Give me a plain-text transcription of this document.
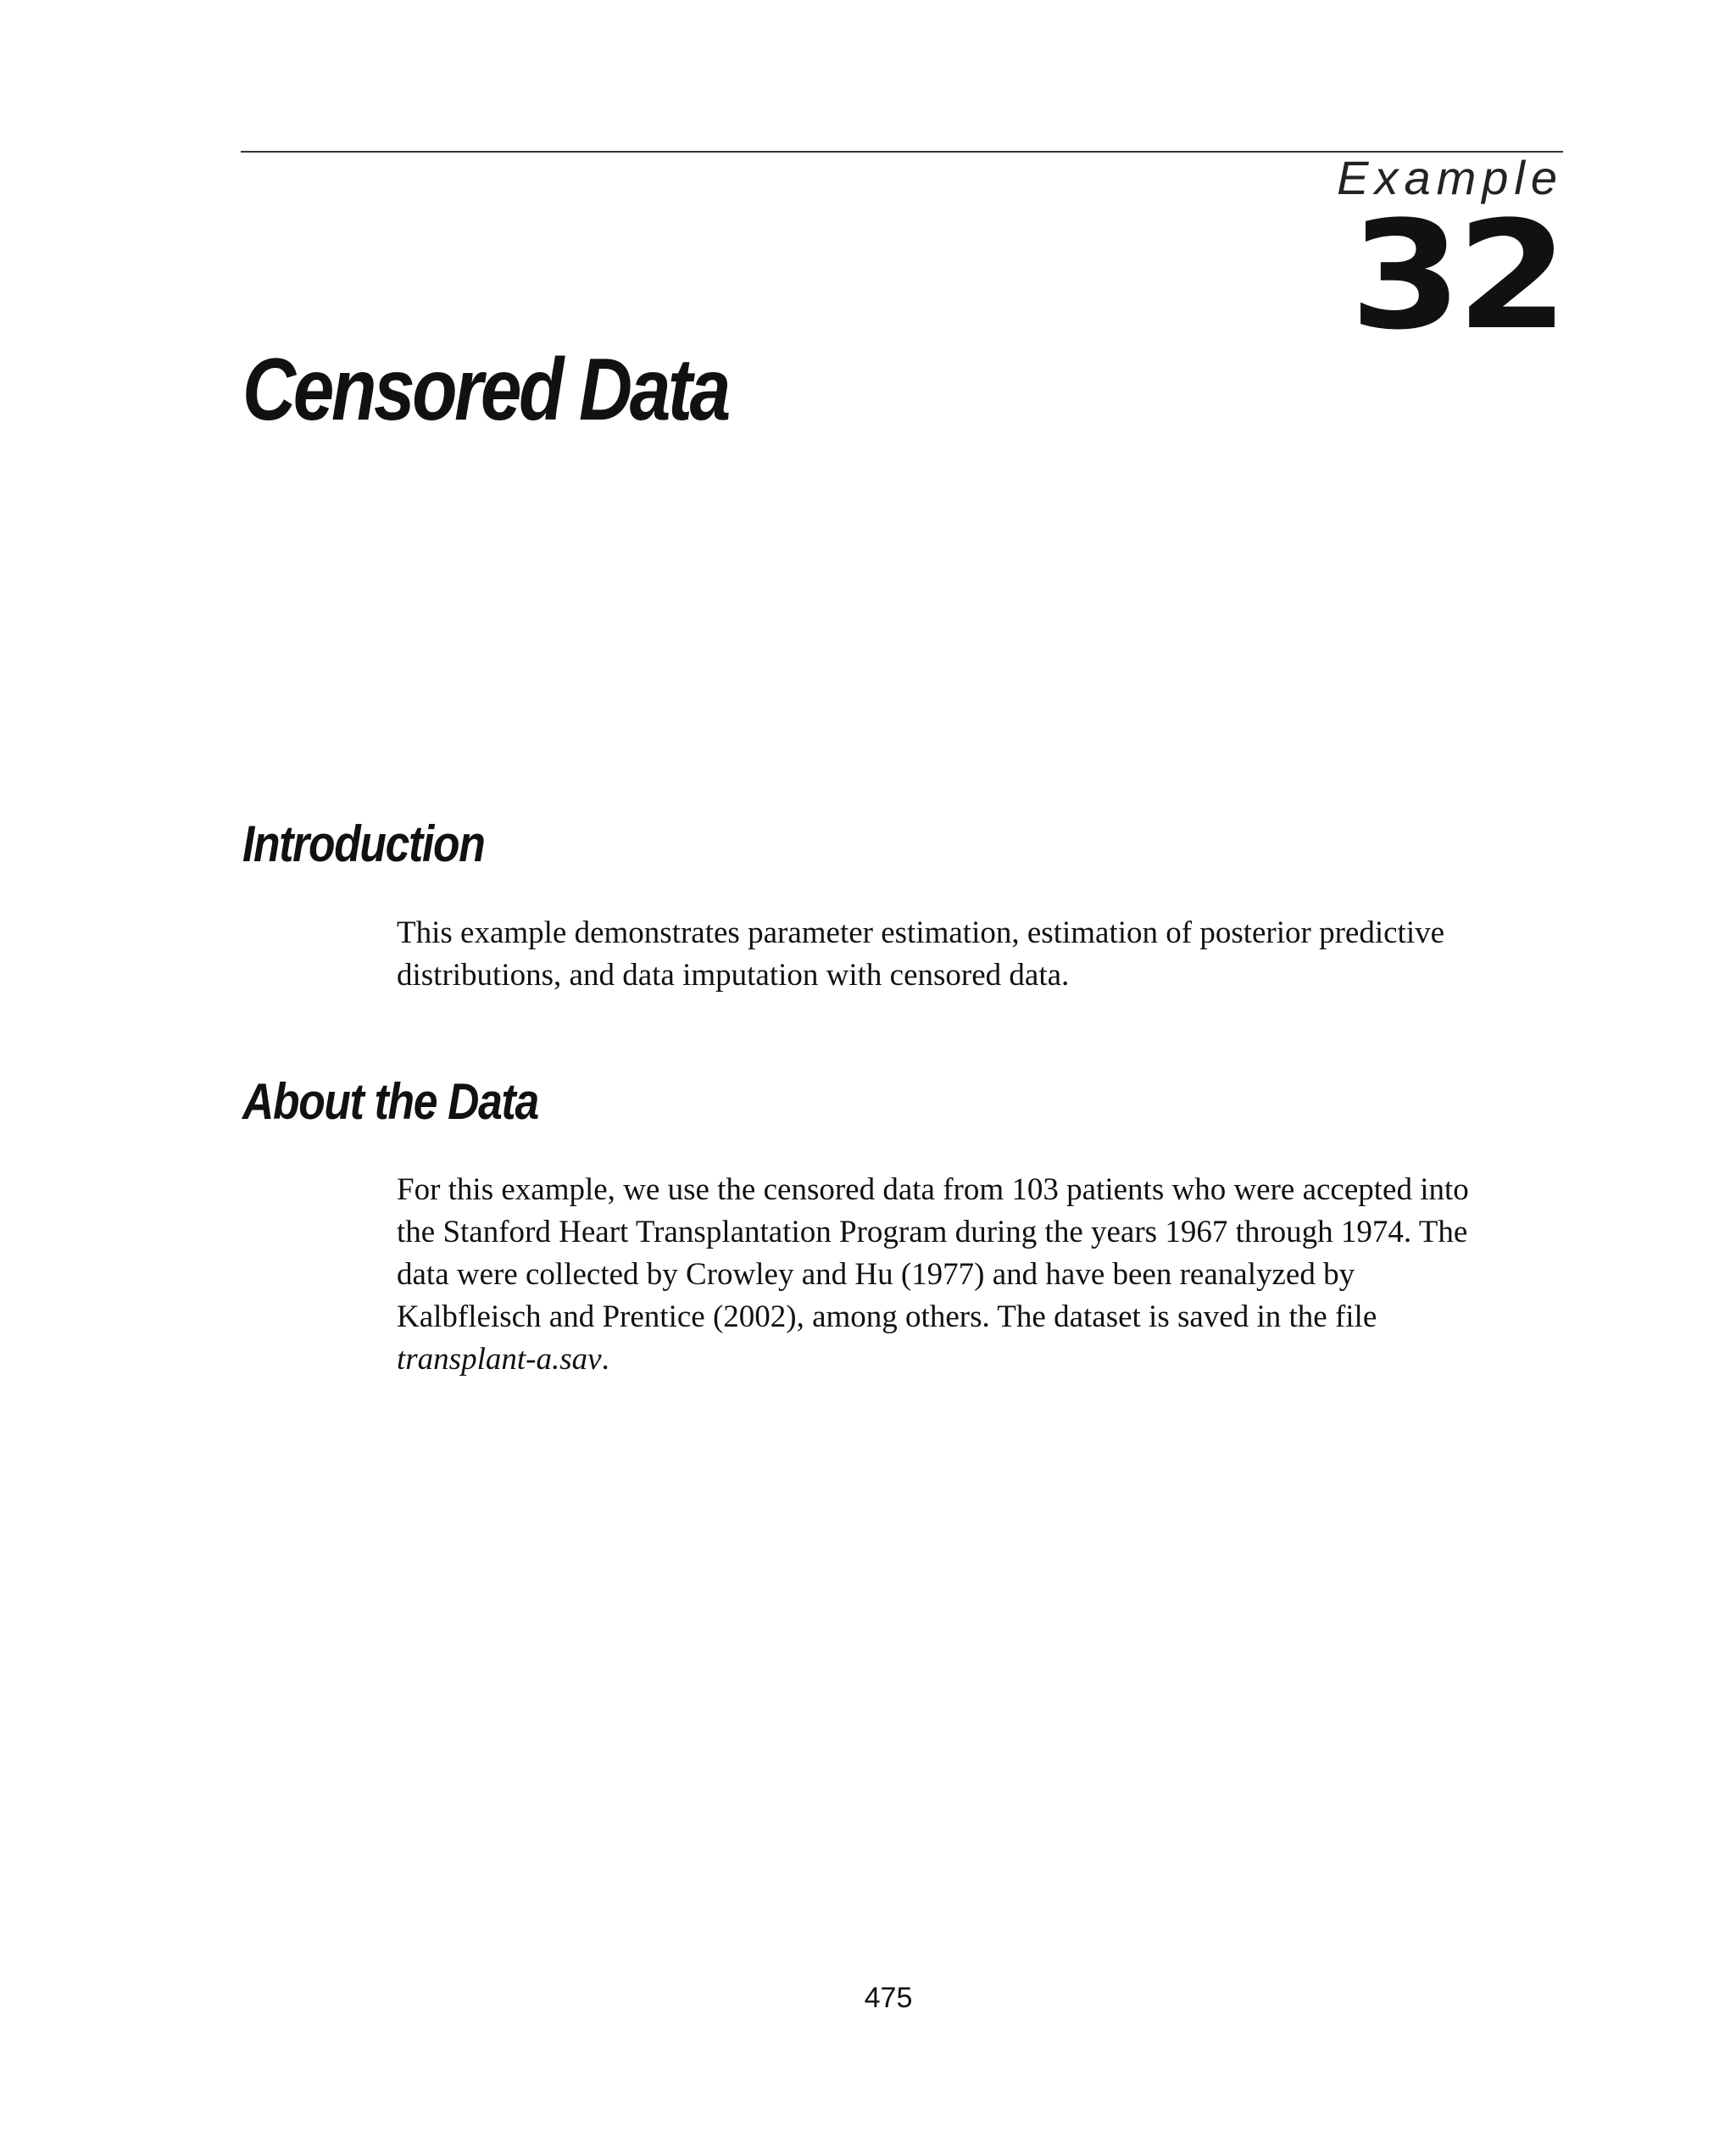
Example
32
Censored Data
Introduction
This example demonstrates parameter estimation, estimation of posterior predictive
distributions, and data imputation with censored data.
About the Data
For this example, we use the censored data from 103 patients who were accepted into
the Stanford Heart Transplantation Program during the years 1967 through 1974. The
data were collected by Crowley and Hu (1977) and have been reanalyzed by
Kalbfleisch and Prentice (2002), among others. The dataset is saved in the file
transplant-a.sav.
475
